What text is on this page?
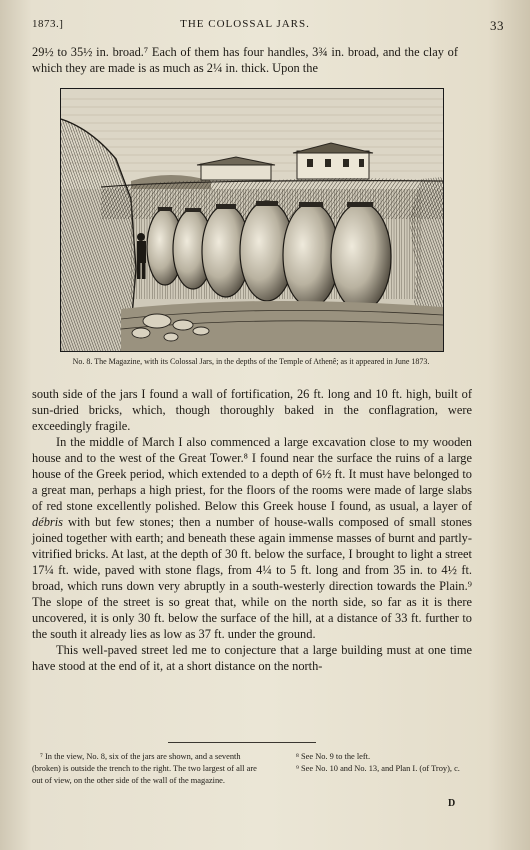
1873.]	THE COLOSSAL JARS.	33

29½ to 35½ in. broad.⁷ Each of them has four handles, 3¾ in. broad, and the clay of which they are made is as much as 2¼ in. thick. Upon the

No. 8. The Magazine, with its Colossal Jars, in the depths of the Temple of Athenê; as it appeared in June 1873.

south side of the jars I found a wall of fortification, 26 ft. long and 10 ft. high, built of sun-dried bricks, which, though thoroughly baked in the conflagration, were exceedingly fragile.

In the middle of March I also commenced a large excavation close to my wooden house and to the west of the Great Tower.⁸ I found near the surface the ruins of a large house of the Greek period, which extended to a depth of 6½ ft. It must have belonged to a great man, perhaps a high priest, for the floors of the rooms were made of large slabs of red stone excellently polished. Below this Greek house I found, as usual, a layer of débris with but few stones; then a number of house-walls composed of small stones joined together with earth; and beneath these again immense masses of burnt and partly-vitrified bricks. At last, at the depth of 30 ft. below the surface, I brought to light a street 17¼ ft. wide, paved with stone flags, from 4¼ to 5 ft. long and from 35 in. to 4½ ft. broad, which runs down very abruptly in a south-westerly direction towards the Plain.⁹ The slope of the street is so great that, while on the north side, so far as it is there uncovered, it is only 30 ft. below the surface of the hill, at a distance of 33 ft. further to the south it already lies as low as 37 ft. under the ground.

This well-paved street led me to conjecture that a large building must at one time have stood at the end of it, at a short distance on the north-

⁷ In the view, No. 8, six of the jars are shown, and a seventh (broken) is outside the trench to the right. The two largest of all are out of view, on the other side of the wall of the magazine.

⁸ See No. 9 to the left.

⁹ See No. 10 and No. 13, and Plan I. (of Troy), c.

D
